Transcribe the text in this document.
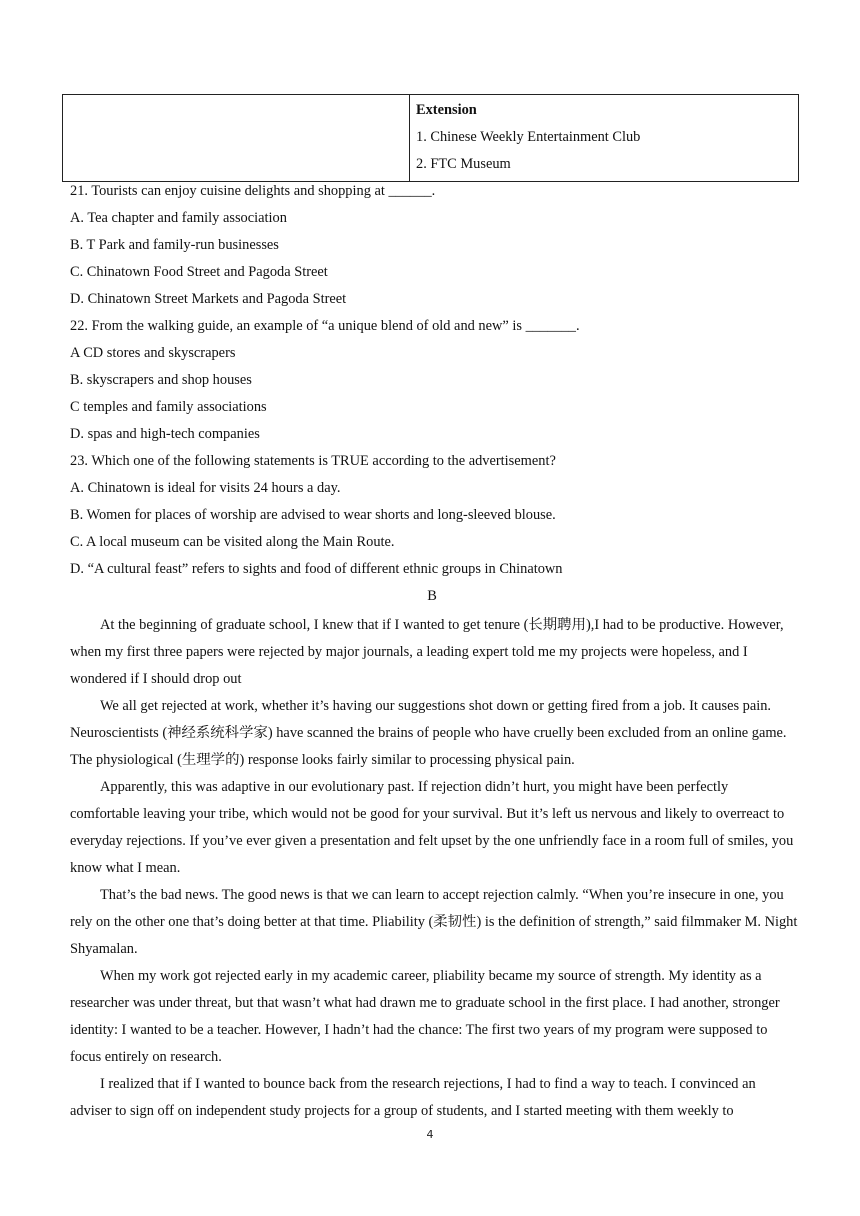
Extension
1. Chinese Weekly Entertainment Club
2. FTC Museum
21. Tourists can enjoy cuisine delights and shopping at ______.
A. Tea chapter and family association
B. T Park and family-run businesses
C. Chinatown Food Street and Pagoda Street
D. Chinatown Street Markets and Pagoda Street
22. From the walking guide, an example of “a unique blend of old and new” is _______.
A CD stores and skyscrapers
B. skyscrapers and shop houses
C temples and family associations
D. spas and high-tech companies
23. Which one of the following statements is TRUE according to the advertisement?
A. Chinatown is ideal for visits 24 hours a day.
B. Women for places of worship are advised to wear shorts and long-sleeved blouse.
C. A local museum can be visited along the Main Route.
D. “A cultural feast” refers to sights and food of different ethnic groups in Chinatown
B

At the beginning of graduate school, I knew that if I wanted to get tenure (长期聘用),I had to be productive. However, when my first three papers were rejected by major journals, a leading expert told me my projects were hopeless, and I wondered if I should drop out

We all get rejected at work, whether it’s having our suggestions shot down or getting fired from a job. It causes pain. Neuroscientists (神经系统科学家) have scanned the brains of people who have cruelly been excluded from an online game. The physiological (生理学的) response looks fairly similar to processing physical pain.

Apparently, this was adaptive in our evolutionary past. If rejection didn’t hurt, you might have been perfectly comfortable leaving your tribe, which would not be good for your survival. But it’s left us nervous and likely to overreact to everyday rejections. If you’ve ever given a presentation and felt upset by the one unfriendly face in a room full of smiles, you know what I mean.

That’s the bad news. The good news is that we can learn to accept rejection calmly. “When you’re insecure in one, you rely on the other one that’s doing better at that time. Pliability (柔韧性) is the definition of strength,” said filmmaker M. Night Shyamalan.

When my work got rejected early in my academic career, pliability became my source of strength. My identity as a researcher was under threat, but that wasn’t what had drawn me to graduate school in the first place. I had another, stronger identity: I wanted to be a teacher. However, I hadn’t had the chance: The first two years of my program were supposed to focus entirely on research.

I realized that if I wanted to bounce back from the research rejections, I had to find a way to teach. I convinced an adviser to sign off on independent study projects for a group of students, and I started meeting with them weekly to

4
